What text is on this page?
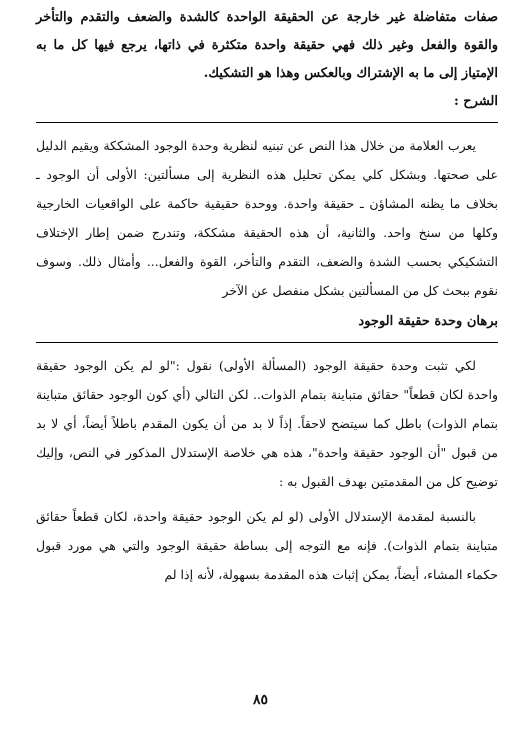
صفات متفاضلة غير خارجة عن الحقيقة الواحدة كالشدة والضعف والتقدم والتأخر والقوة والفعل وغير ذلك فهي حقيقة واحدة متكثرة في ذاتها، يرجع فيها كل ما به الإمتياز إلى ما به الإشتراك وبالعكس وهذا هو التشكيك.

الشرح :

يعرب العلامة من خلال هذا النص عن تبنيه لنظرية وحدة الوجود المشككة ويقيم الدليل على صحتها. وبشكل كلي يمكن تحليل هذه النظرية إلى مسألتين: الأولى أن الوجود ـ بخلاف ما يظنه المشاؤن ـ حقيقة واحدة. ووحدة حقيقية حاكمة على الواقعيات الخارجية وكلها من سنخ واحد. والثانية، أن هذه الحقيقة مشككة، وتندرج ضمن إطار الإختلاف التشكيكي بحسب الشدة والضعف، التقدم والتأخر، القوة والفعل... وأمثال ذلك. وسوف نقوم ببحث كل من المسألتين بشكل منفصل عن الآخر

برهان وحدة حقيقة الوجود

لكي تثبت وحدة حقيقة الوجود (المسألة الأولى) نقول :"لو لم يكن الوجود حقيقة واحدة لكان قطعاً" حقائق متباينة بتمام الذوات.. لكن التالي (أي كون الوجود حقائق متباينة بتمام الذوات) باطل كما سيتضح لاحقاً. إذاً لا بد من أن يكون المقدم باطلاً أيضاً، أي لا بد من قبول "أن الوجود حقيقة واحدة"، هذه هي خلاصة الإستدلال المذكور في النص، وإليك توضيح كل من المقدمتين بهدف القبول به :

بالنسبة لمقدمة الإستدلال الأولى (لو لم يكن الوجود حقيقة واحدة، لكان قطعاً حقائق متباينة بتمام الذوات). فإنه مع التوجه إلى بساطة حقيقة الوجود والتي هي مورد قبول حكماء المشاء، أيضاً، يمكن إثبات هذه المقدمة بسهولة، لأنه إذا لم

٨٥
